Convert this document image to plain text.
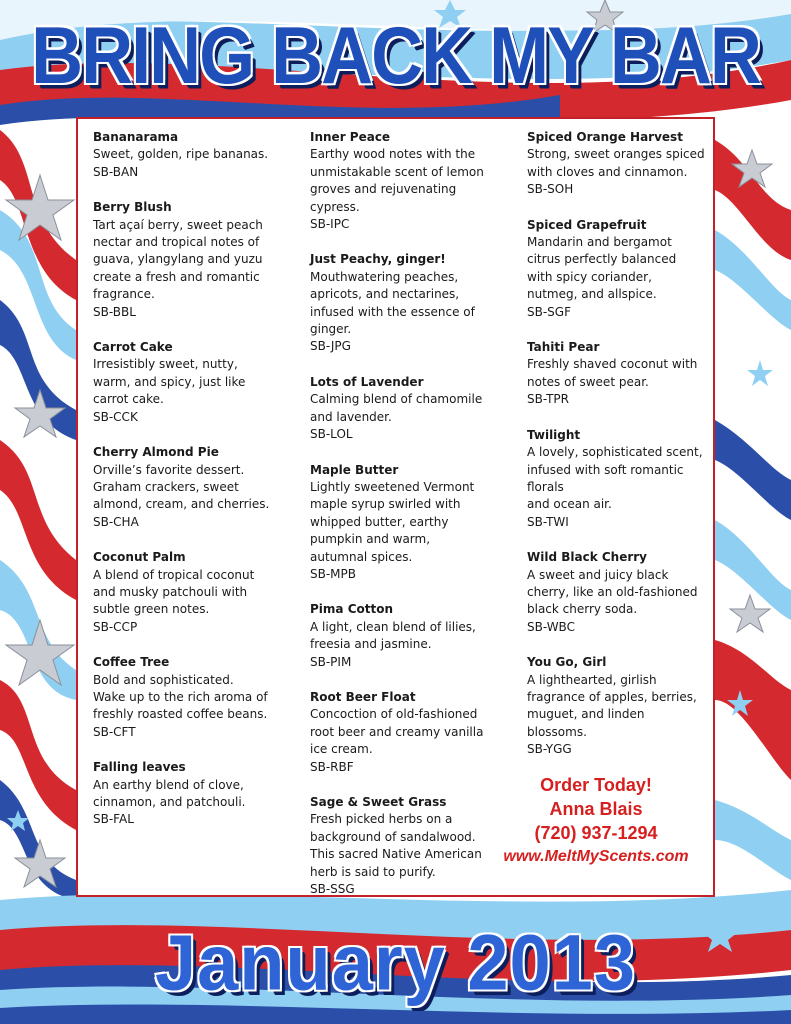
BRING BACK MY BAR
Bananarama
Sweet, golden, ripe bananas.
SB-BAN
Berry Blush
Tart açaí berry, sweet peach
nectar and tropical notes of
guava, ylangylang and yuzu
create a fresh and romantic
fragrance.
SB-BBL
Carrot Cake
Irresistibly sweet, nutty,
warm, and spicy, just like
carrot cake.
SB-CCK
Cherry Almond Pie
Orville’s favorite dessert.
Graham crackers, sweet
almond, cream, and cherries.
SB-CHA
Coconut Palm
A blend of tropical coconut
and musky patchouli with
subtle green notes.
SB-CCP
Coffee Tree
Bold and sophisticated.
Wake up to the rich aroma of
freshly roasted coffee beans.
SB-CFT
Falling leaves
An earthy blend of clove,
cinnamon, and patchouli.
SB-FAL
Inner Peace
Earthy wood notes with the
unmistakable scent of lemon
groves and rejuvenating
cypress.
SB-IPC
Just Peachy, ginger!
Mouthwatering peaches,
apricots, and nectarines,
infused with the essence of
ginger.
SB-JPG
Lots of Lavender
Calming blend of chamomile
and lavender.
SB-LOL
Maple Butter
Lightly sweetened Vermont
maple syrup swirled with
whipped butter, earthy
pumpkin and warm,
autumnal spices.
SB-MPB
Pima Cotton
A light, clean blend of lilies,
freesia and jasmine.
SB-PIM
Root Beer Float
Concoction of old-fashioned
root beer and creamy vanilla
ice cream.
SB-RBF
Sage & Sweet Grass
Fresh picked herbs on a
background of sandalwood.
This sacred Native American
herb is said to purify.
SB-SSG
Spiced Orange Harvest
Strong, sweet oranges spiced
with cloves and cinnamon.
SB-SOH
Spiced Grapefruit
Mandarin and bergamot
citrus perfectly balanced
with spicy coriander,
nutmeg, and allspice.
SB-SGF
Tahiti Pear
Freshly shaved coconut with
notes of sweet pear.
SB-TPR
Twilight
A lovely, sophisticated scent,
infused with soft romantic
florals
and ocean air.
SB-TWI
Wild Black Cherry
A sweet and juicy black
cherry, like an old-fashioned
black cherry soda.
SB-WBC
You Go, Girl
A lighthearted, girlish
fragrance of apples, berries,
muguet, and linden
blossoms.
SB-YGG
Order Today!
Anna Blais
(720) 937-1294
www.MeltMyScents.com
January 2013
